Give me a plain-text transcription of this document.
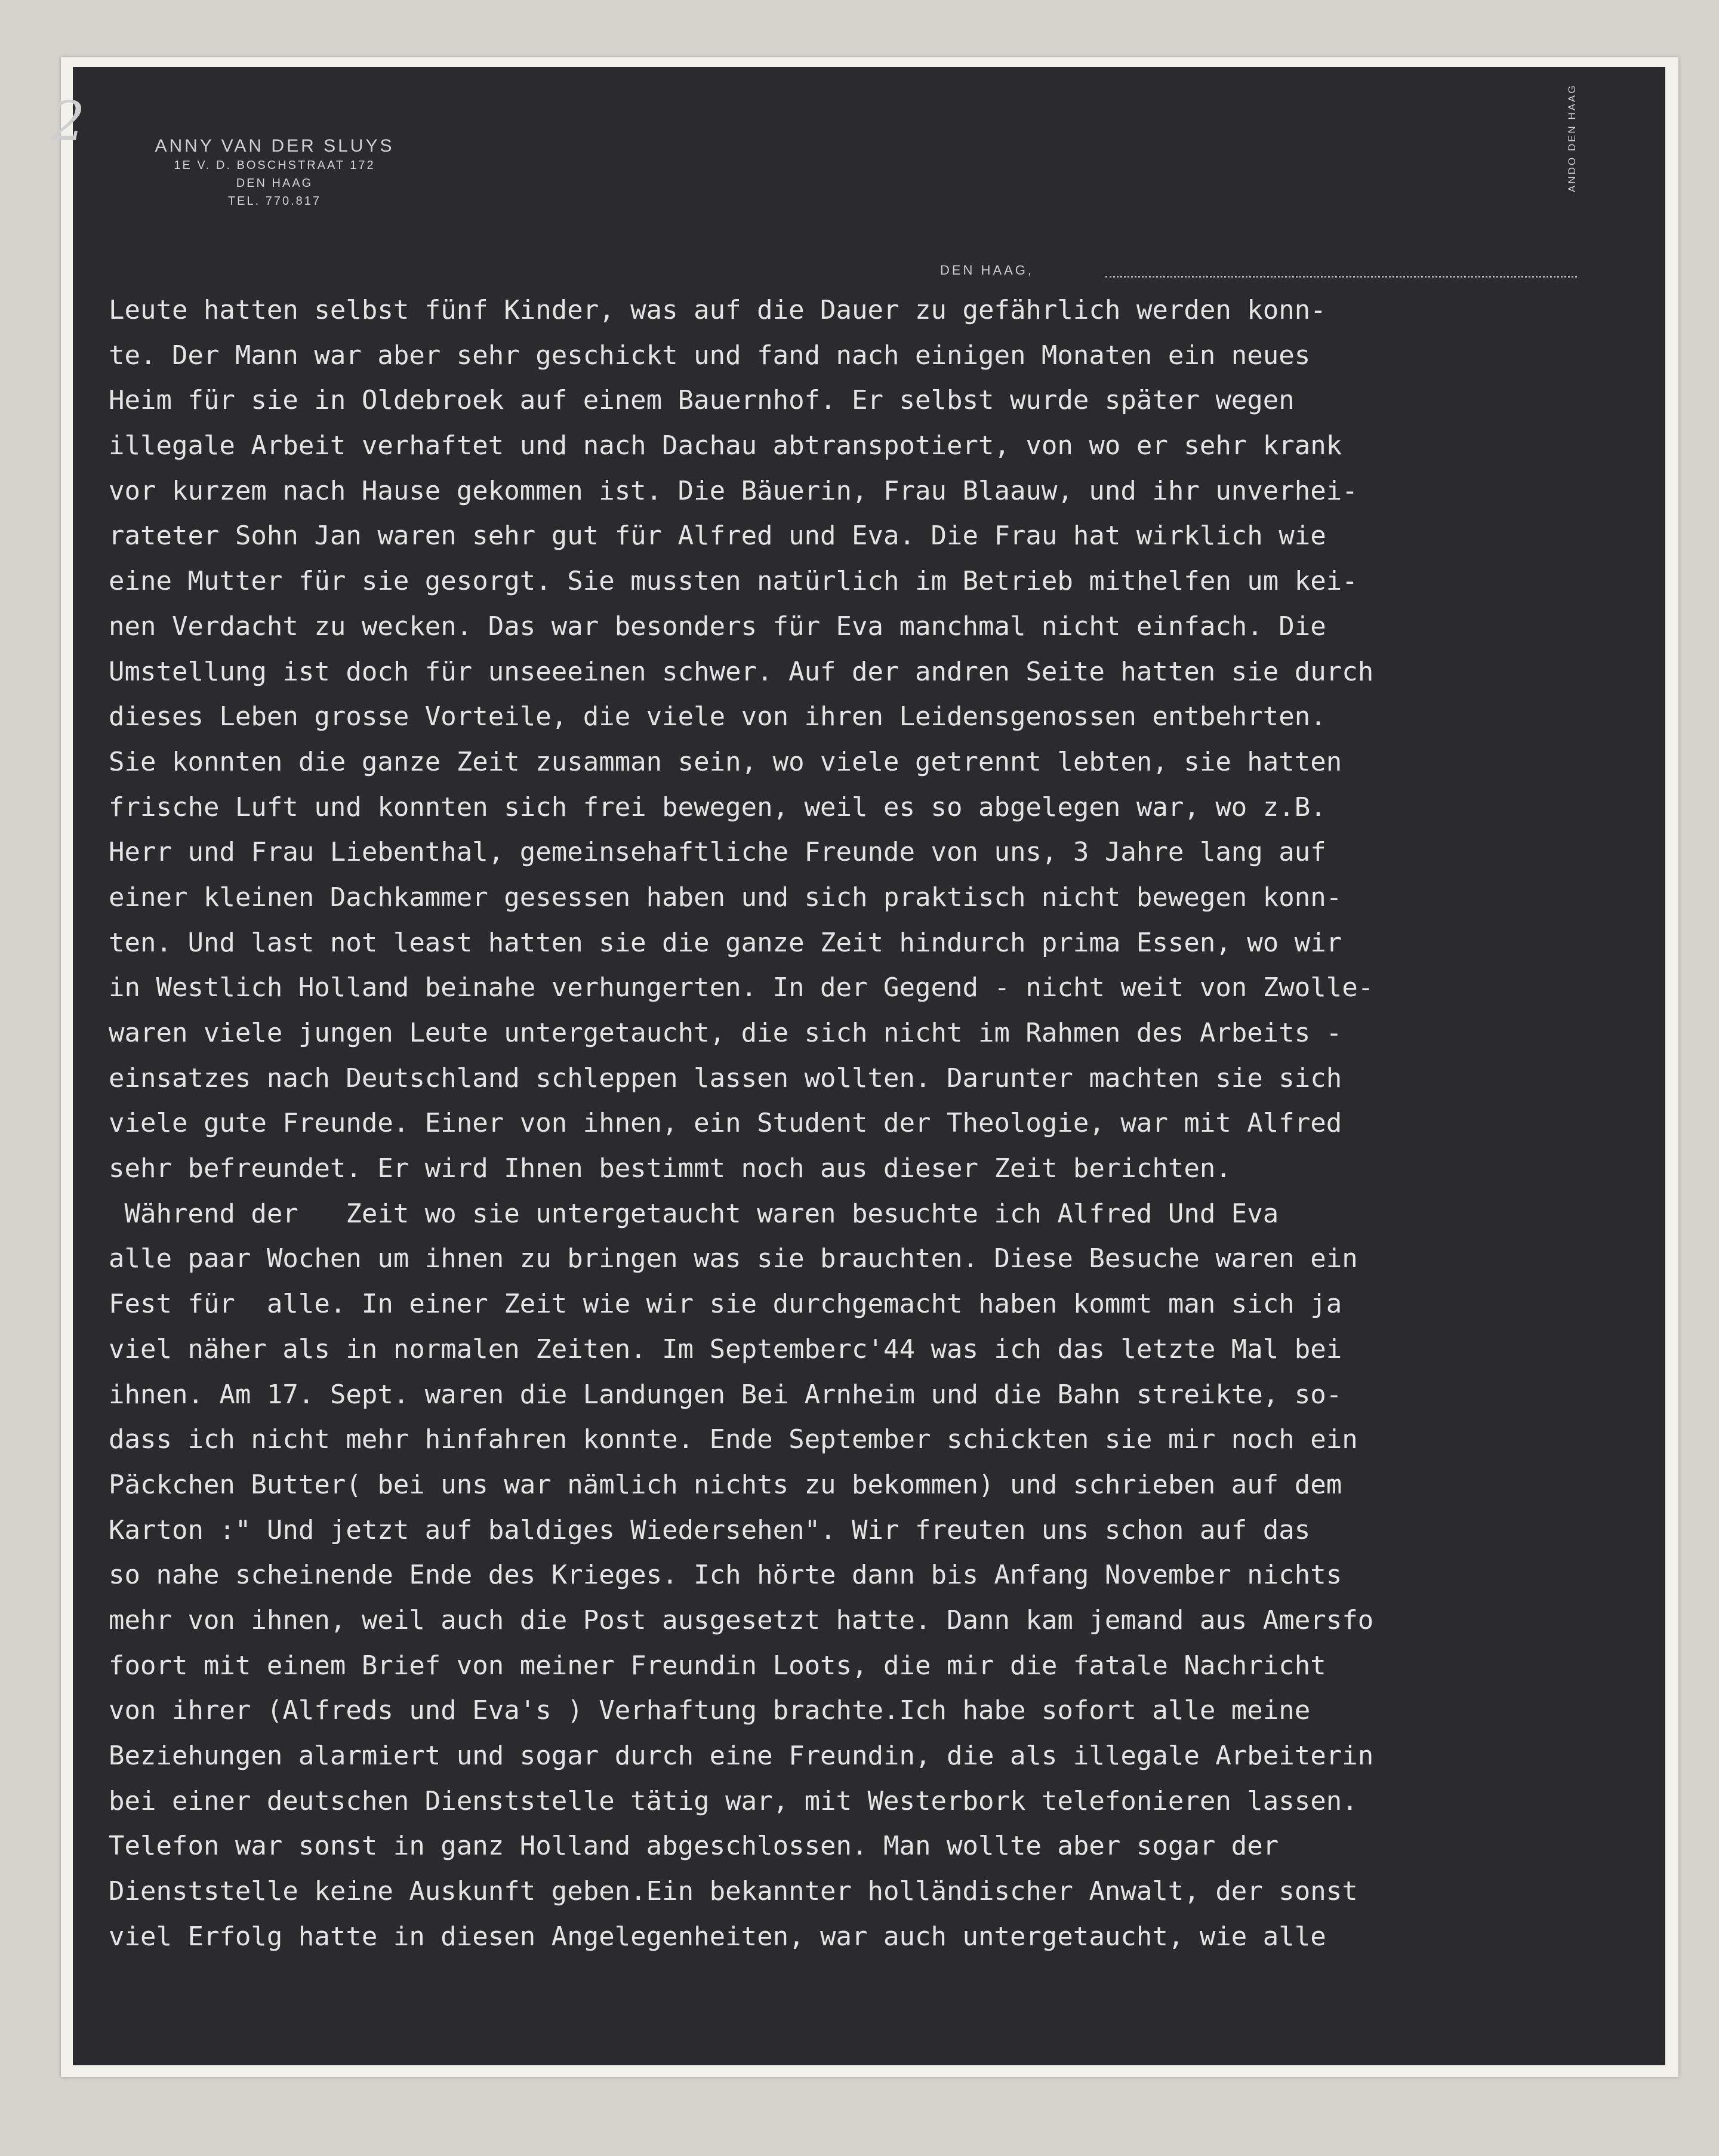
2	ANNY VAN DER SLUYS
1E V. D. BOSCHSTRAAT 172
DEN HAAG
TEL. 770.817
DEN HAAG,
ANDO DEN HAAG
Leute hatten selbst fünf Kinder, was auf die Dauer zu gefährlich werden konn-
te. Der Mann war aber sehr geschickt und fand nach einigen Monaten ein neues
Heim für sie in Oldebroek auf einem Bauernhof. Er selbst wurde später wegen
illegale Arbeit verhaftet und nach Dachau abtranspotiert, von wo er sehr krank
vor kurzem nach Hause gekommen ist. Die Bäuerin, Frau Blaauw, und ihr unverhei-
rateter Sohn Jan waren sehr gut für Alfred und Eva. Die Frau hat wirklich wie
eine Mutter für sie gesorgt. Sie mussten natürlich im Betrieb mithelfen um kei-
nen Verdacht zu wecken. Das war besonders für Eva manchmal nicht einfach. Die
Umstellung ist doch für unseeeinen schwer. Auf der andren Seite hatten sie durch
dieses Leben grosse Vorteile, die viele von ihren Leidensgenossen entbehrten.
Sie konnten die ganze Zeit zusamman sein, wo viele getrennt lebten, sie hatten
frische Luft und konnten sich frei bewegen, weil es so abgelegen war, wo z.B.
Herr und Frau Liebenthal, gemeinsehaftliche Freunde von uns, 3 Jahre lang auf
einer kleinen Dachkammer gesessen haben und sich praktisch nicht bewegen konn-
ten. Und last not least hatten sie die ganze Zeit hindurch prima Essen, wo wir
in Westlich Holland beinahe verhungerten. In der Gegend - nicht weit von Zwolle-
waren viele jungen Leute untergetaucht, die sich nicht im Rahmen des Arbeits -
einsatzes nach Deutschland schleppen lassen wollten. Darunter machten sie sich
viele gute Freunde. Einer von ihnen, ein Student der Theologie, war mit Alfred
sehr befreundet. Er wird Ihnen bestimmt noch aus dieser Zeit berichten.
Während der   Zeit wo sie untergetaucht waren besuchte ich Alfred Und Eva
alle paar Wochen um ihnen zu bringen was sie brauchten. Diese Besuche waren ein
Fest für  alle. In einer Zeit wie wir sie durchgemacht haben kommt man sich ja
viel näher als in normalen Zeiten. Im Septemberc'44 was ich das letzte Mal bei
ihnen. Am 17. Sept. waren die Landungen Bei Arnheim und die Bahn streikte, so-
dass ich nicht mehr hinfahren konnte. Ende September schickten sie mir noch ein
Päckchen Butter( bei uns war nämlich nichts zu bekommen) und schrieben auf dem
Karton :" Und jetzt auf baldiges Wiedersehen". Wir freuten uns schon auf das
so nahe scheinende Ende des Krieges. Ich hörte dann bis Anfang November nichts
mehr von ihnen, weil auch die Post ausgesetzt hatte. Dann kam jemand aus Amersfo
foort mit einem Brief von meiner Freundin Loots, die mir die fatale Nachricht
von ihrer (Alfreds und Eva's ) Verhaftung brachte.Ich habe sofort alle meine
Beziehungen alarmiert und sogar durch eine Freundin, die als illegale Arbeiterin
bei einer deutschen Dienststelle tätig war, mit Westerbork telefonieren lassen.
Telefon war sonst in ganz Holland abgeschlossen. Man wollte aber sogar der
Dienststelle keine Auskunft geben.Ein bekannter holländischer Anwalt, der sonst
viel Erfolg hatte in diesen Angelegenheiten, war auch untergetaucht, wie alle
